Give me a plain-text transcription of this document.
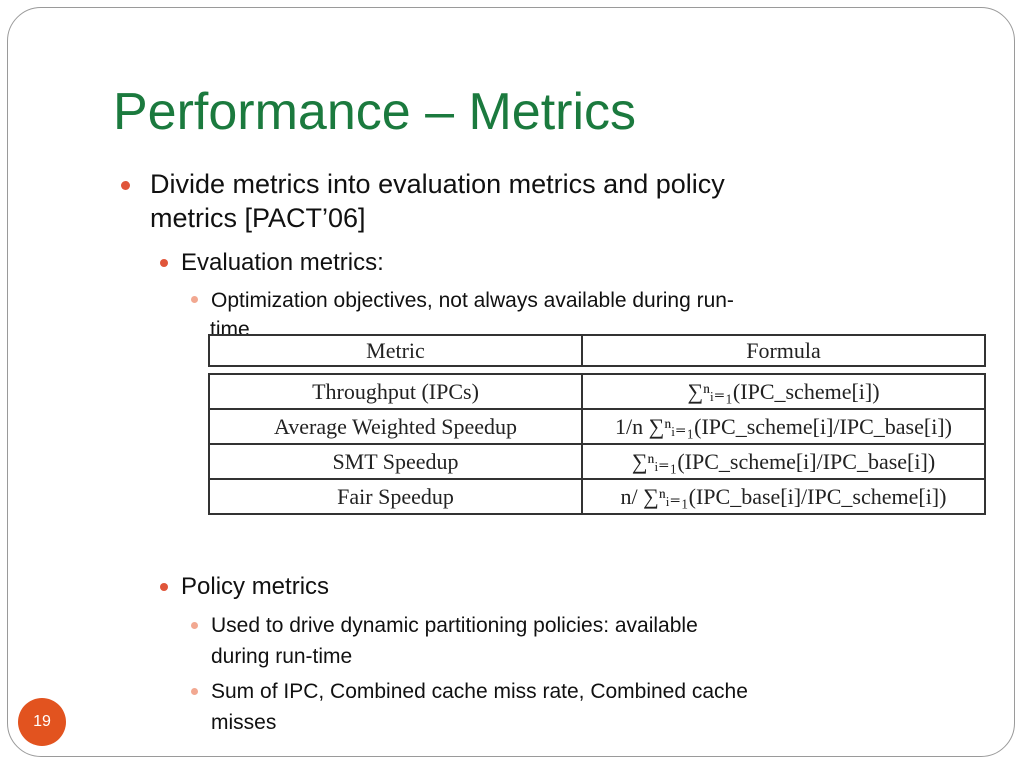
Performance – Metrics
Divide metrics into evaluation metrics and policy
metrics [PACT’06]
Evaluation metrics:
Optimization objectives, not always available during run-
time
Metric	Formula
Throughput (IPCs)	∑ⁿᵢ₌₁(IPC_scheme[i])
Average Weighted Speedup	1/n ∑ⁿᵢ₌₁(IPC_scheme[i]/IPC_base[i])
SMT Speedup	∑ⁿᵢ₌₁(IPC_scheme[i]/IPC_base[i])
Fair Speedup	n/ ∑ⁿᵢ₌₁(IPC_base[i]/IPC_scheme[i])
Policy metrics
Used to drive dynamic partitioning policies: available
during run-time
Sum of IPC, Combined cache miss rate, Combined cache
misses
19
